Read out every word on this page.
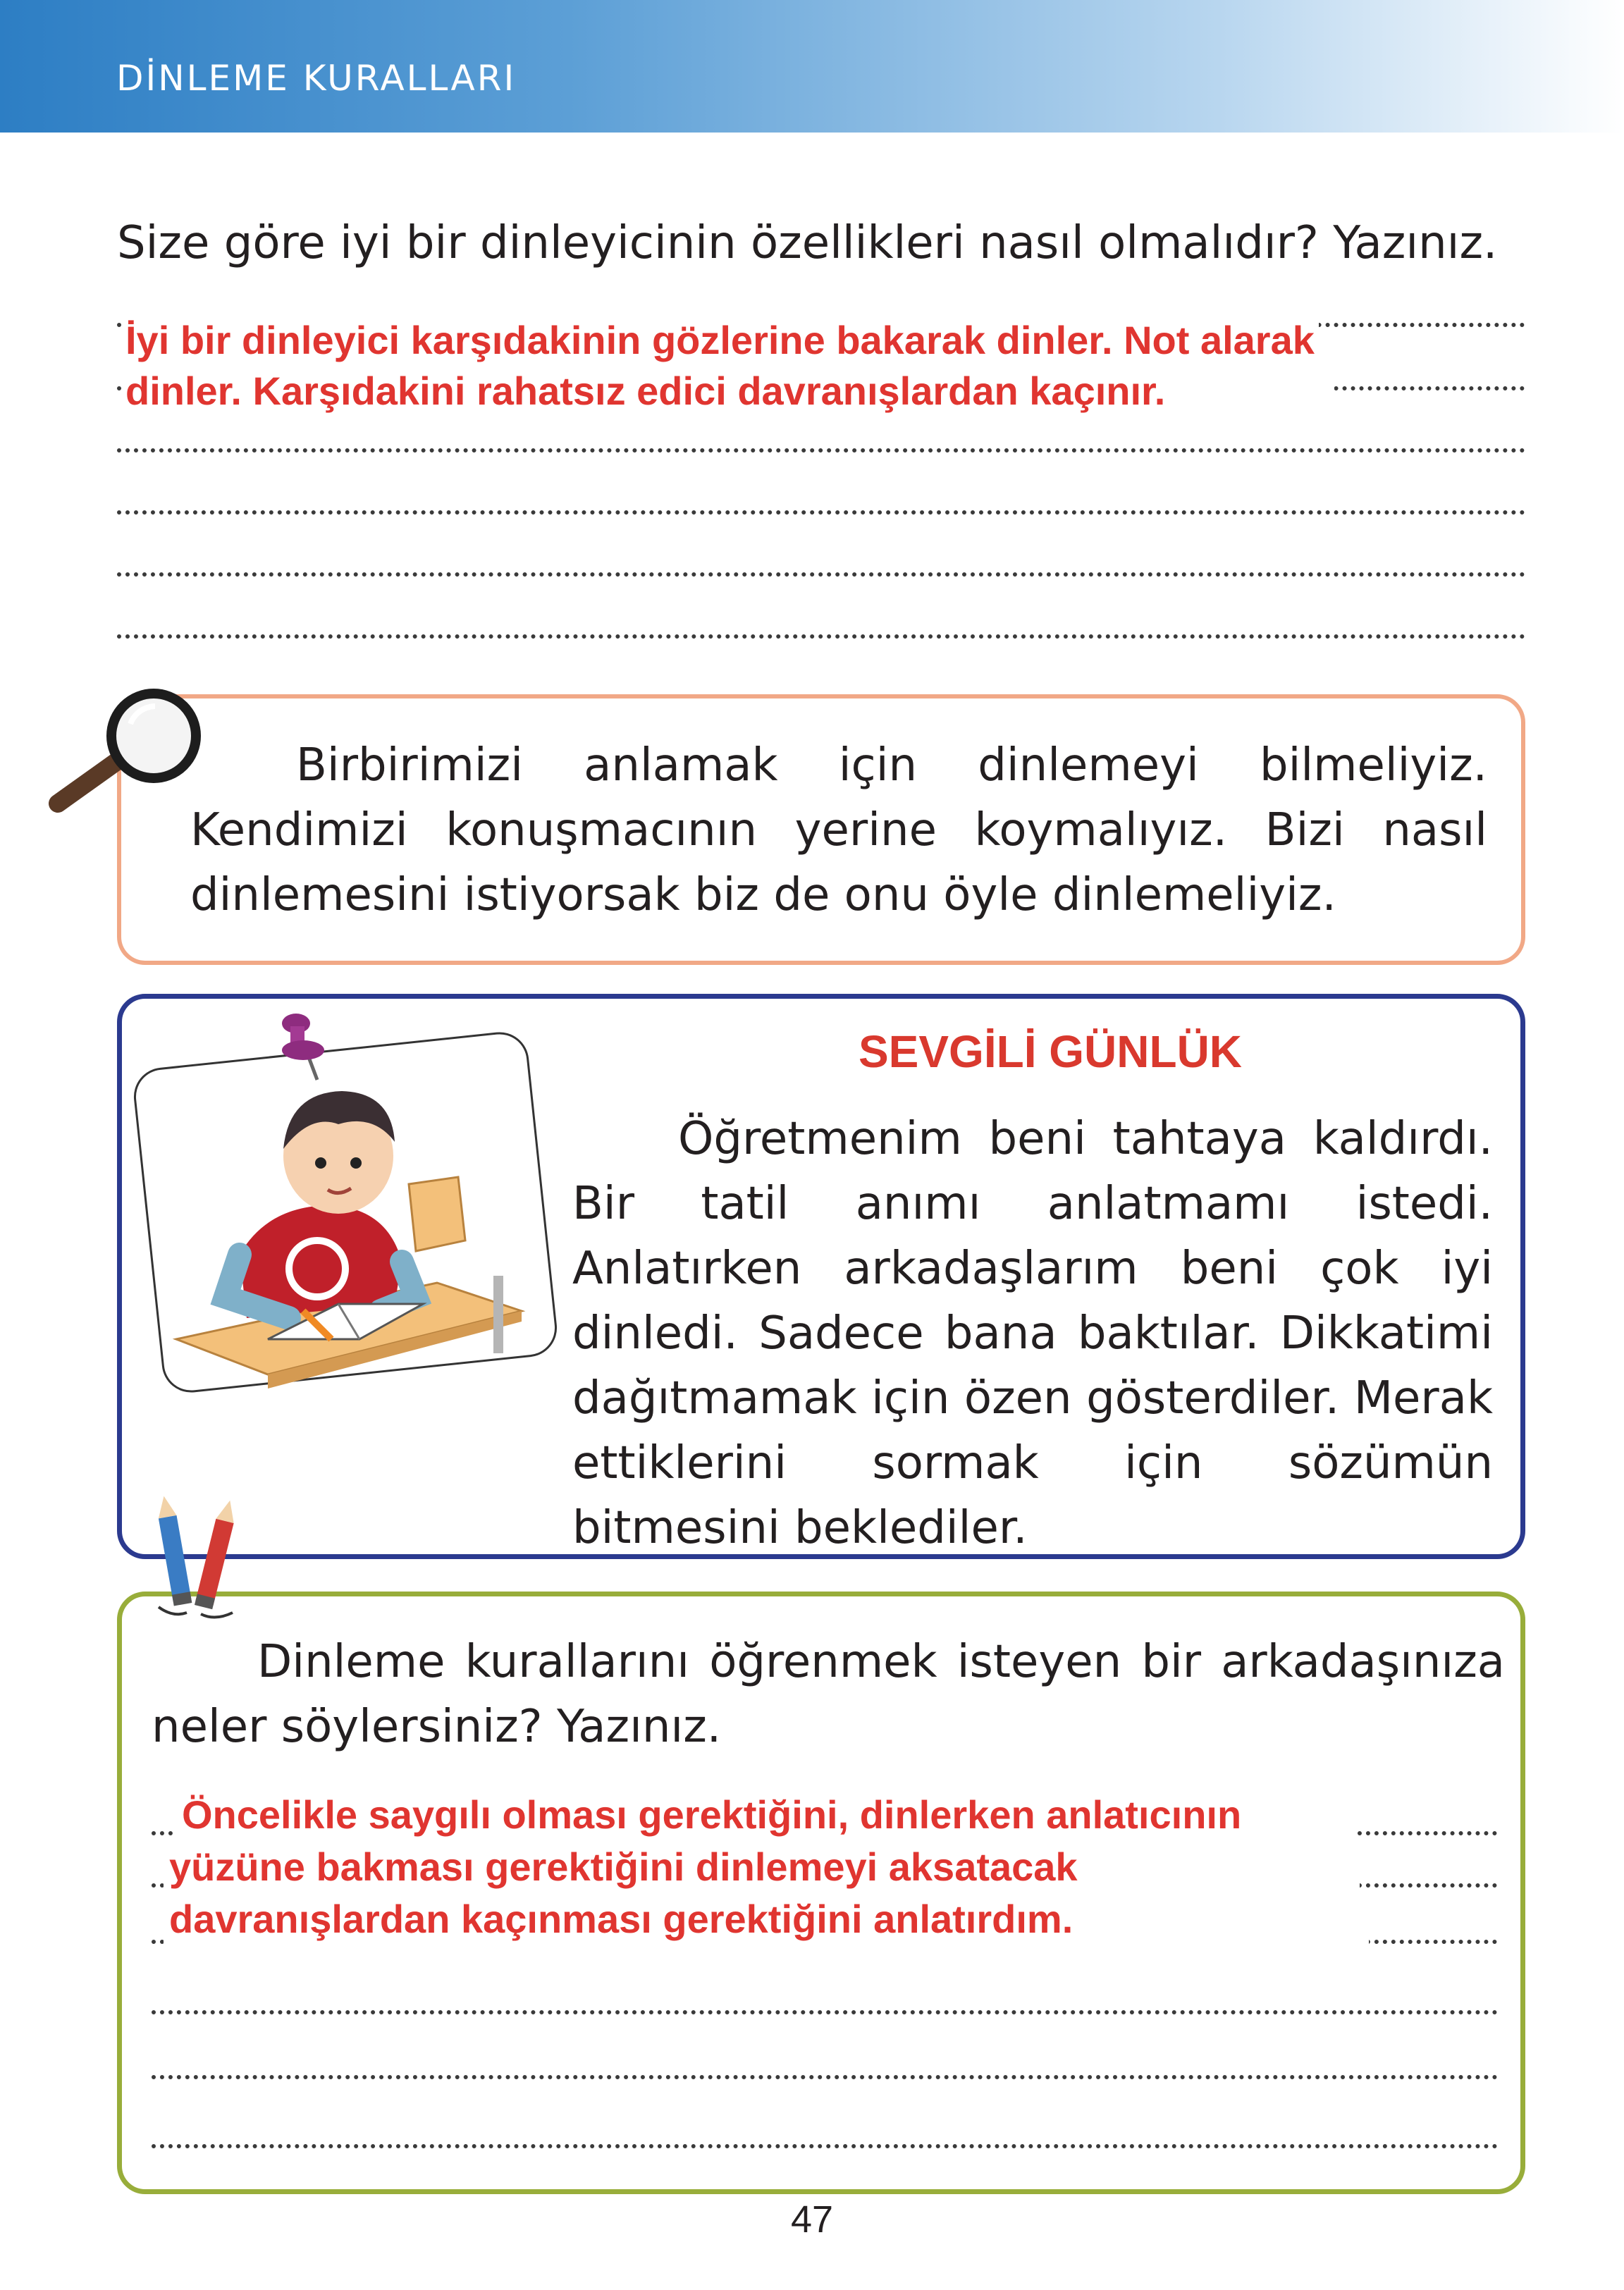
DİNLEME KURALLARI
Size göre iyi bir dinleyicinin özellikleri nasıl olmalıdır? Yazınız.
İyi bir dinleyici karşıdakinin gözlerine bakarak dinler. Not alarak
dinler. Karşıdakini rahatsız edici davranışlardan kaçınır.
Birbirimizi anlamak için dinlemeyi bilmeliyiz. Kendimizi konuşmacının yerine koymalıyız. Bizi nasıl dinlemesini istiyorsak biz de onu öyle dinlemeliyiz.
SEVGİLİ GÜNLÜK
Öğretmenim beni tahtaya kaldırdı. Bir tatil anımı anlatmamı istedi. Anlatırken arkadaşlarım beni çok iyi dinledi. Sadece bana baktılar. Dikkatimi dağıtmamak için özen gösterdiler. Merak ettiklerini sormak için sözümün bitmesini beklediler.
Dinleme kurallarını öğrenmek isteyen bir arkadaşınıza neler söylersiniz? Yazınız.
Öncelikle saygılı olması gerektiğini, dinlerken anlatıcının
yüzüne bakması gerektiğini dinlemeyi aksatacak
davranışlardan kaçınması gerektiğini anlatırdım.
47
